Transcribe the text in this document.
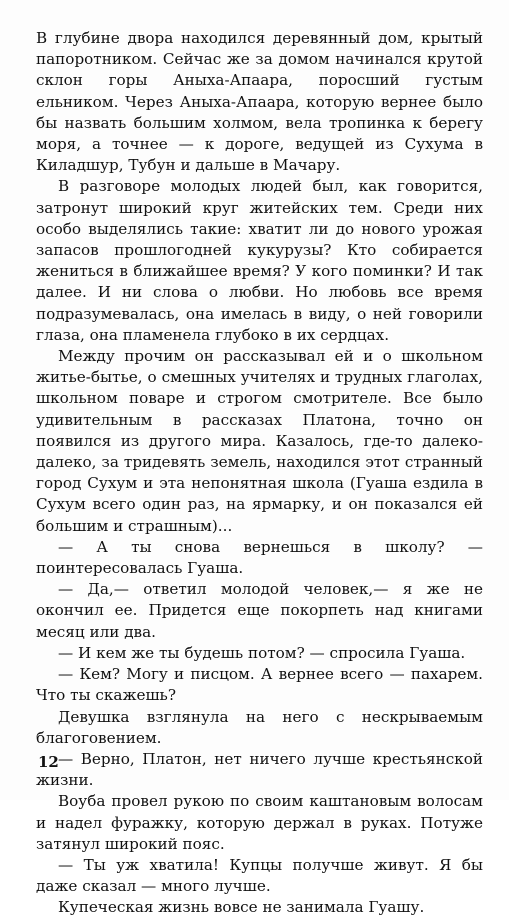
В глубине двора находился деревянный дом, крытый папоротником. Сейчас же за домом начинался крутой склон горы Аныха-Апаара, поросший густым ельником. Через Аныха-Апаара, которую вернее было бы назвать большим холмом, вела тропинка к берегу моря, а точнее — к дороге, ведущей из Сухума в Киладшур, Тубун и дальше в Мачару.

В разговоре молодых людей был, как говорится, затронут широкий круг житейских тем. Среди них особо выделялись такие: хватит ли до нового урожая запасов прошлогодней кукурузы? Кто собирается жениться в ближайшее время? У кого поминки? И так далее. И ни слова о любви. Но любовь все время подразумевалась, она имелась в виду, о ней говорили глаза, она пламенела глубоко в их сердцах.

Между прочим он рассказывал ей и о школьном житье-бытье, о смешных учителях и трудных глаголах, школьном поваре и строгом смотрителе. Все было удивительным в рассказах Платона, точно он появился из другого мира. Казалось, где-то далеко-далеко, за тридевять земель, находился этот странный город Сухум и эта непонятная школа (Гуаша ездила в Сухум всего один раз, на ярмарку, и он показался ей большим и страшным)...

— А ты снова вернешься в школу? — поинтересовалась Гуаша.

— Да,— ответил молодой человек,— я же не окончил ее. Придется еще покорпеть над книгами месяц или два.

— И кем же ты будешь потом? — спросила Гуаша.

— Кем? Могу и писцом. А вернее всего — пахарем. Что ты скажешь?

Девушка взглянула на него с нескрываемым благоговением.

— Верно, Платон, нет ничего лучше крестьянской жизни.

Воуба провел рукою по своим каштановым волосам и надел фуражку, которую держал в руках. Потуже затянул широкий пояс.

— Ты уж хватила! Купцы получше живут. Я бы даже сказал — много лучше.

Купеческая жизнь вовсе не занимала Гуашу.

12
